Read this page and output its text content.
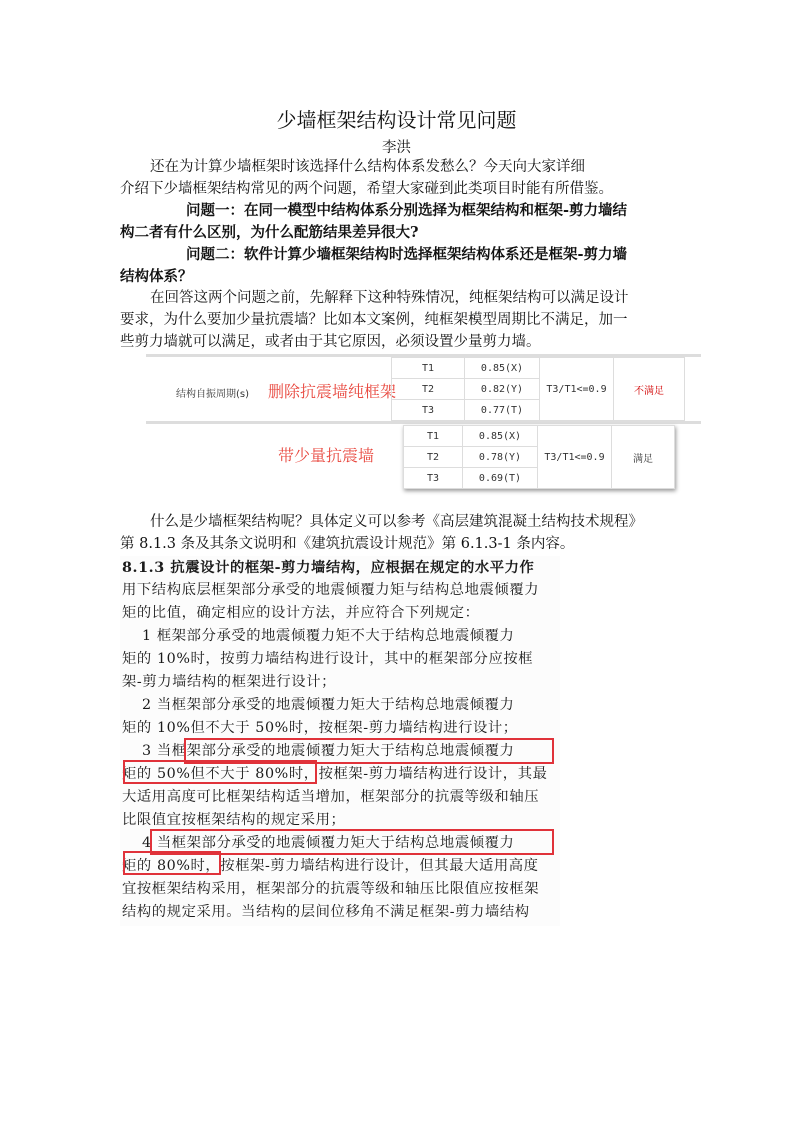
少墙框架结构设计常见问题
李洪
还在为计算少墙框架时该选择什么结构体系发愁么？今天向大家详细
介绍下少墙框架结构常见的两个问题，希望大家碰到此类项目时能有所借鉴。
问题一：在同一模型中结构体系分别选择为框架结构和框架-剪力墙结
构二者有什么区别，为什么配筋结果差异很大?
问题二：软件计算少墙框架结构时选择框架结构体系还是框架-剪力墙
结构体系？
在回答这两个问题之前，先解释下这种特殊情况，纯框架结构可以满足设计
要求，为什么要加少量抗震墙？比如本文案例，纯框架模型周期比不满足，加一
些剪力墙就可以满足，或者由于其它原因，必须设置少量剪力墙。
结构自振周期(s) 删除抗震墙纯框架
T1	0.85(X)	T3/T1<=0.9	不满足
T2	0.82(Y)		
T3	0.77(T)		
带少量抗震墙
T1	0.85(X)	T3/T1<=0.9	满足
T2	0.78(Y)		
T3	0.69(T)		
什么是少墙框架结构呢？具体定义可以参考《高层建筑混凝土结构技术规程》
第 8.1.3 条及其条文说明和《建筑抗震设计规范》第 6.1.3-1 条内容。
8.1.3 抗震设计的框架-剪力墙结构，应根据在规定的水平力作
用下结构底层框架部分承受的地震倾覆力矩与结构总地震倾覆力
矩的比值，确定相应的设计方法，并应符合下列规定：
　 1 框架部分承受的地震倾覆力矩不大于结构总地震倾覆力
矩的 10%时，按剪力墙结构进行设计，其中的框架部分应按框
架-剪力墙结构的框架进行设计；
　 2 当框架部分承受的地震倾覆力矩大于结构总地震倾覆力
矩的 10%但不大于 50%时，按框架-剪力墙结构进行设计；
　 3 当框架部分承受的地震倾覆力矩大于结构总地震倾覆力
矩的 50%但不大于 80%时，按框架-剪力墙结构进行设计，其最
大适用高度可比框架结构适当增加，框架部分的抗震等级和轴压
比限值宜按框架结构的规定采用；
　 4 当框架部分承受的地震倾覆力矩大于结构总地震倾覆力
矩的 80%时，按框架-剪力墙结构进行设计，但其最大适用高度
宜按框架结构采用，框架部分的抗震等级和轴压比限值应按框架
结构的规定采用。当结构的层间位移角不满足框架-剪力墙结构
